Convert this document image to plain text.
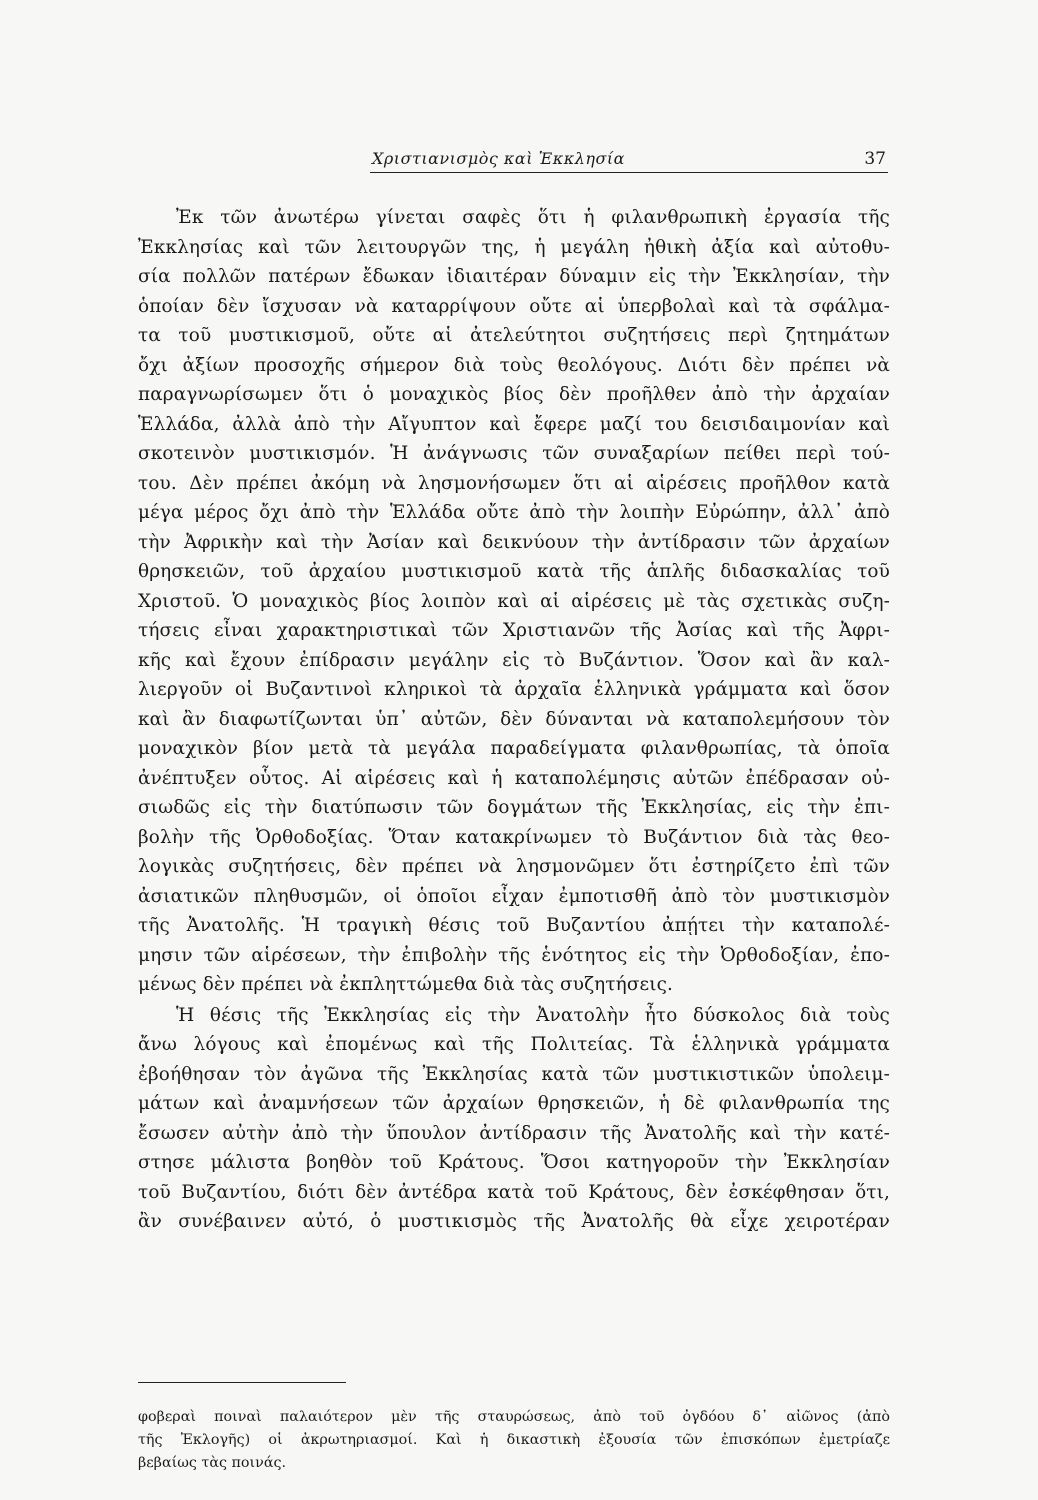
Χριστιανισμὸς καὶ Ἐκκλησία	37
Ἐκ τῶν ἀνωτέρω γίνεται σαφὲς ὅτι ἡ φιλανθρωπικὴ ἐργασία τῆς
Ἐκκλησίας καὶ τῶν λειτουργῶν της, ἡ μεγάλη ἠθικὴ ἀξία καὶ αὐτοθυ-
σία πολλῶν πατέρων ἔδωκαν ἰδιαιτέραν δύναμιν εἰς τὴν Ἐκκλησίαν, τὴν
ὁποίαν δὲν ἴσχυσαν νὰ καταρρίψουν οὔτε αἱ ὑπερβολαὶ καὶ τὰ σφάλμα-
τα τοῦ μυστικισμοῦ, οὔτε αἱ ἀτελεύτητοι συζητήσεις περὶ ζητημάτων
ὄχι ἀξίων προσοχῆς σήμερον διὰ τοὺς θεολόγους. Διότι δὲν πρέπει νὰ
παραγνωρίσωμεν ὅτι ὁ μοναχικὸς βίος δὲν προῆλθεν ἀπὸ τὴν ἀρχαίαν
Ἑλλάδα, ἀλλὰ ἀπὸ τὴν Αἴγυπτον καὶ ἔφερε μαζί του δεισιδαιμονίαν καὶ
σκοτεινὸν μυστικισμόν. Ἡ ἀνάγνωσις τῶν συναξαρίων πείθει περὶ τού-
του. Δὲν πρέπει ἀκόμη νὰ λησμονήσωμεν ὅτι αἱ αἱρέσεις προῆλθον κατὰ
μέγα μέρος ὄχι ἀπὸ τὴν Ἑλλάδα οὔτε ἀπὸ τὴν λοιπὴν Εὐρώπην, ἀλλ᾽ ἀπὸ
τὴν Ἀφρικὴν καὶ τὴν Ἀσίαν καὶ δεικνύουν τὴν ἀντίδρασιν τῶν ἀρχαίων
θρησκειῶν, τοῦ ἀρχαίου μυστικισμοῦ κατὰ τῆς ἁπλῆς διδασκαλίας τοῦ
Χριστοῦ. Ὁ μοναχικὸς βίος λοιπὸν καὶ αἱ αἱρέσεις μὲ τὰς σχετικὰς συζη-
τήσεις εἶναι χαρακτηριστικαὶ τῶν Χριστιανῶν τῆς Ἀσίας καὶ τῆς Ἀφρι-
κῆς καὶ ἔχουν ἐπίδρασιν μεγάλην εἰς τὸ Βυζάντιον. Ὅσον καὶ ἂν καλ-
λιεργοῦν οἱ Βυζαντινοὶ κληρικοὶ τὰ ἀρχαῖα ἑλληνικὰ γράμματα καὶ ὅσον
καὶ ἂν διαφωτίζωνται ὑπ᾽ αὐτῶν, δὲν δύνανται νὰ καταπολεμήσουν τὸν
μοναχικὸν βίον μετὰ τὰ μεγάλα παραδείγματα φιλανθρωπίας, τὰ ὁποῖα
ἀνέπτυξεν οὗτος. Αἱ αἱρέσεις καὶ ἡ καταπολέμησις αὐτῶν ἐπέδρασαν οὐ-
σιωδῶς εἰς τὴν διατύπωσιν τῶν δογμάτων τῆς Ἐκκλησίας, εἰς τὴν ἐπι-
βολὴν τῆς Ὀρθοδοξίας. Ὅταν κατακρίνωμεν τὸ Βυζάντιον διὰ τὰς θεο-
λογικὰς συζητήσεις, δὲν πρέπει νὰ λησμονῶμεν ὅτι ἐστηρίζετο ἐπὶ τῶν
ἀσιατικῶν πληθυσμῶν, οἱ ὁποῖοι εἶχαν ἐμποτισθῆ ἀπὸ τὸν μυστικισμὸν
τῆς Ἀνατολῆς. Ἡ τραγικὴ θέσις τοῦ Βυζαντίου ἀπῄτει τὴν καταπολέ-
μησιν τῶν αἱρέσεων, τὴν ἐπιβολὴν τῆς ἑνότητος εἰς τὴν Ὀρθοδοξίαν, ἐπο-
μένως δὲν πρέπει νὰ ἐκπληττώμεθα διὰ τὰς συζητήσεις.
Ἡ θέσις τῆς Ἐκκλησίας εἰς τὴν Ἀνατολὴν ἦτο δύσκολος διὰ τοὺς
ἄνω λόγους καὶ ἐπομένως καὶ τῆς Πολιτείας. Τὰ ἑλληνικὰ γράμματα
ἐβοήθησαν τὸν ἀγῶνα τῆς Ἐκκλησίας κατὰ τῶν μυστικιστικῶν ὑπολειμ-
μάτων καὶ ἀναμνήσεων τῶν ἀρχαίων θρησκειῶν, ἡ δὲ φιλανθρωπία της
ἔσωσεν αὐτὴν ἀπὸ τὴν ὕπουλον ἀντίδρασιν τῆς Ἀνατολῆς καὶ τὴν κατέ-
στησε μάλιστα βοηθὸν τοῦ Κράτους. Ὅσοι κατηγοροῦν τὴν Ἐκκλησίαν
τοῦ Βυζαντίου, διότι δὲν ἀντέδρα κατὰ τοῦ Κράτους, δὲν ἐσκέφθησαν ὅτι,
ἂν συνέβαινεν αὐτό, ὁ μυστικισμὸς τῆς Ἀνατολῆς θὰ εἶχε χειροτέραν
φοβεραὶ ποιναὶ παλαιότερον μὲν τῆς σταυρώσεως, ἀπὸ τοῦ ὀγδόου δ᾽ αἰῶνος (ἀπὸ
τῆς Ἐκλογῆς) οἱ ἀκρωτηριασμοί. Καὶ ἡ δικαστικὴ ἐξουσία τῶν ἐπισκόπων ἐμετρίαζε
βεβαίως τὰς ποινάς.
